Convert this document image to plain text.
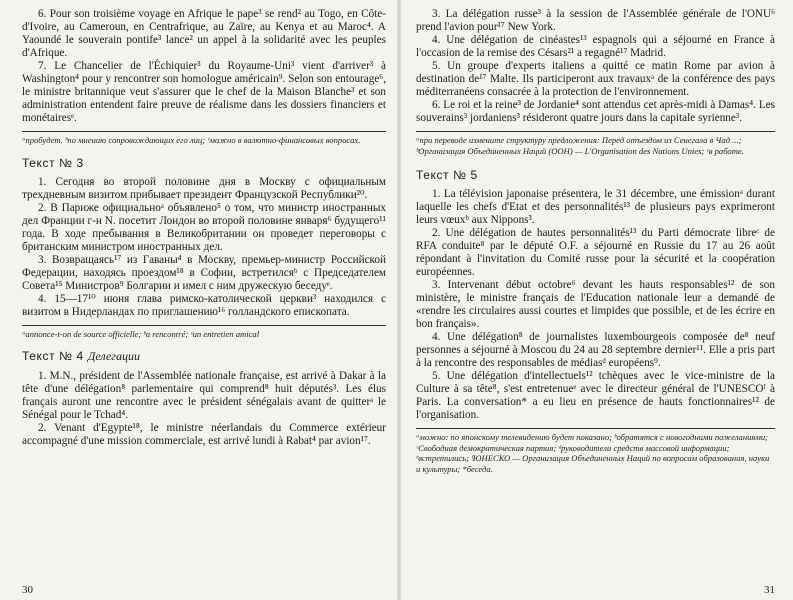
6. Pour son troisième voyage en Afrique le pape³ se rend² au Togo, en Côte-d'Ivoire, au Cameroun, en Centrafrique, au Zaïre, au Kenya et au Maroc⁴. A Yaoundé le souverain pontife³ lance² un appel à la solidarité avec les peuples d'Afrique.

7. Le Chancelier de l'Échiquier³ du Royaume-Uni³ vient d'arriver³ à Washington⁴ pour y rencontrer son homologue américain⁹. Selon son entourage⁶, le ministre britannique veut s'assurer que le chef de la Maison Blanche³ et son administration entendent faire preuve de réalisme dans les dossiers financiers et monétairesᵉ.

ᵃпробудет. ᵇпо мнению сопровождающих его лиц; ᶜможно в валютно-финансовых вопросах.

Текст № 3

1. Сегодня во второй половине дня в Москву с официальным трехдневным визитом прибывает президент Французской Республики²⁰.

2. В Париже официальноᵃ объявлено⁵ о том, что министр иностранных дел Франции г-н N. посетит Лондон во второй половине января⁶ будущего¹¹ года. В ходе пребывания в Великобритании он проведет переговоры с британским министром иностранных дел.

3. Возвращаясь¹⁷ из Гаваны⁴ в Москву, премьер-министр Российской Федерации, находясь проездом¹⁸ в Софии, встретилсяᵇ с Председателем Совета¹⁵ Министров⁹ Болгарии и имел с ним дружескую беседуᵉ.

4. 15—17¹⁰ июня глава римско-католической церкви³ находился с визитом в Нидерландах по приглашению¹⁶ голландского епископата.

ᵃannonce-t-on de source officielle; ᵇa rencontré; ᶜun entretien amical

Текст № 4 Делегации

1. M.N., président de l'Assemblée nationale française, est arrivé à Dakar à la tête d'une délégation⁸ parlementaire qui comprend⁸ huit députés³. Les élus français auront une rencontre avec le président sénégalais avant de quitterᵃ le Sénégal pour le Tchad⁴.

2. Venant d'Egypte¹⁸, le ministre néerlandais du Commerce extérieur accompagné d'une mission commerciale, est arrivé lundi à Rabat⁴ par avion¹⁷.

30

3. La délégation russe³ à la session de l'Assemblée générale de l'ONU⁶ prend l'avion pour¹⁷ New York.

4. Une délégation de cinéastes¹³ espagnols qui a séjourné en France à l'occasion de la remise des Césars²¹ a regagné¹⁷ Madrid.

5. Un groupe d'experts italiens a quitté ce matin Rome par avion à destination de¹⁷ Malte. Ils participeront aux travauxᵃ de la conférence des pays méditerranéens consacrée à la protection de l'environnement.

6. Le roi et la reine³ de Jordanie⁴ sont attendus cet après-midi à Damas⁴. Les souverains³ jordaniens³ résideront quatre jours dans la capitale syrienne³.

ᵃпри переводе измените структуру предложения: Перед отъездом из Сенегала в Чад ...; ᵇОрганизация Объединенных Наций (ООН) — L'Organisation des Nations Unies; ᶜв работе.

Текст № 5

1. La télévision japonaise présentera, le 31 décembre, une émissionᵃ durant laquelle les chefs d'Etat et des personnalités¹³ de plusieurs pays exprimeront leurs vœuxᵇ aux Nippons³.

2. Une délégation de hautes personnalités¹³ du Parti démocrate libreᶜ de RFA conduite⁸ par le député O.F. a séjourné en Russie du 17 au 26 août répondant à l'invitation du Comité russe pour la sécurité et la coopération européennes.

3. Intervenant début octobre⁶ devant les hauts responsables¹² de son ministère, le ministre français de l'Education nationale leur a demandé de «rendre les circulaires aussi courtes et limpides que possible, et de les écrire en bon français».

4. Une délégation⁸ de journalistes luxembourgeois composée de⁸ neuf personnes a séjourné à Moscou du 24 au 28 septembre dernier¹¹. Elle a pris part à la rencontre des responsables de médiasᵈ européens⁹.

5. Une délégation d'intellectuels¹² tchèques avec le vice-ministre de la Culture à sa tête⁸, s'est entretenueᵉ avec le directeur général de l'UNESCOᶠ à Paris. La conversation* a eu lieu en présence de hauts fonctionnaires¹² de l'organisation.

ᵃможно: по японскому телевидению будет показано; ᵇобратятся с новогодними пожеланиями; ᶜСвободная демократическая партия; ᵈруководители средств массовой информации; ᵉвстретились; ᶠЮНЕСКО — Организация Объединенных Наций по вопросам образования, науки и культуры; *беседа.

31
